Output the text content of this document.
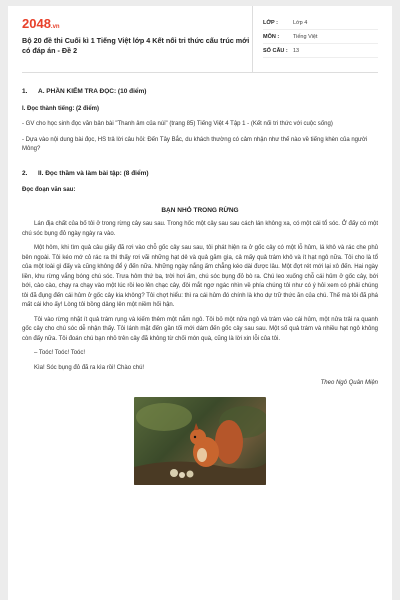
2048.vn
Bộ 20 đề thi Cuối kì 1 Tiếng Việt lớp 4 Kết nối tri thức cấu trúc mới có đáp án - Đề 2
LỚP :	Lớp 4
MÔN :	Tiếng Việt
SỐ CÂU : 13
1. A. PHẦN KIỂM TRA ĐỌC: (10 điểm)
I. Đọc thành tiếng: (2 điểm)
- GV cho học sinh đọc văn bản bài "Thanh âm của núi" (trang 85) Tiếng Việt 4 Tập 1 - (Kết nối tri thức với cuộc sống)
- Dựa vào nội dung bài đọc, HS trả lời câu hỏi: Đến Tây Bắc, du khách thường có cảm nhận như thế nào về tiếng khèn của người Mông?
2. II. Đọc thầm và làm bài tập: (8 điểm)
Đọc đoạn văn sau:
BẠN NHỎ TRONG RỪNG
Lán địa chất của bố tôi ở trong rừng cây sau sau. Trong hốc một cây sau sau cách lán không xa, có một cái tổ sóc. Ở đấy có một chú sóc bụng đỏ ngày ngày ra vào.
Một hôm, khi tìm quả câu giấy đã rơi vào chỗ gốc cây sau sau, tôi phát hiện ra ở gốc cây có một lỗ hủm, lá khô và rác che phủ bên ngoài. Tôi kéo mớ cỏ rác ra thì thấy rơi vãi những hạt dẻ và quả găm gìa, cả mấy quả trám khô và ít hạt ngô nữa. Tôi cho là tổ của một loài gì đấy và cũng không để ý đến nữa. Những ngày nắng ấm chẳng kéo dài được lâu. Một đợt rét mới lại xô đến. Hai ngày liền, khu rừng vắng bóng chú sóc. Trưa hôm thứ ba, trời hơi ấm, chú sóc bụng đỏ bò ra. Chú leo xuống chỗ cái hủm ở gốc cây, bới bới, cào cào, chạy ra chạy vào một lúc rồi leo lên chạc cây, đôi mắt ngơ ngác nhìn về phía chúng tôi như có ý hỏi xem có phải chúng tôi đã đụng đến cái hủm ở gốc cây kia không? Tôi chợt hiểu: thì ra cái hủm đó chính là kho dự trữ thức ăn của chú. Thế mà tôi đã phá mất cái kho ấy! Lòng tôi bồng dâng lên một niềm hối hận.
Tôi vào rừng nhặt ít quả trám rụng và kiếm thêm một nắm ngô. Tôi bỏ một nửa ngô và trám vào cái hủm, một nửa trải ra quanh gốc cây cho chú sóc dễ nhận thấy. Tôi lánh mặt đến gần tối mới dám đến gốc cây sau sau. Một số quả trám và nhiều hạt ngô không còn đấy nữa. Tôi đoán chú bạn nhỏ trên cây đã không từ chối món quà, cũng là lời xin lỗi của tôi.
– Toóc! Toóc! Toóc!
Kìa! Sóc bụng đỏ đã ra kìa rồi! Chào chú!
Theo Ngô Quân Miện
